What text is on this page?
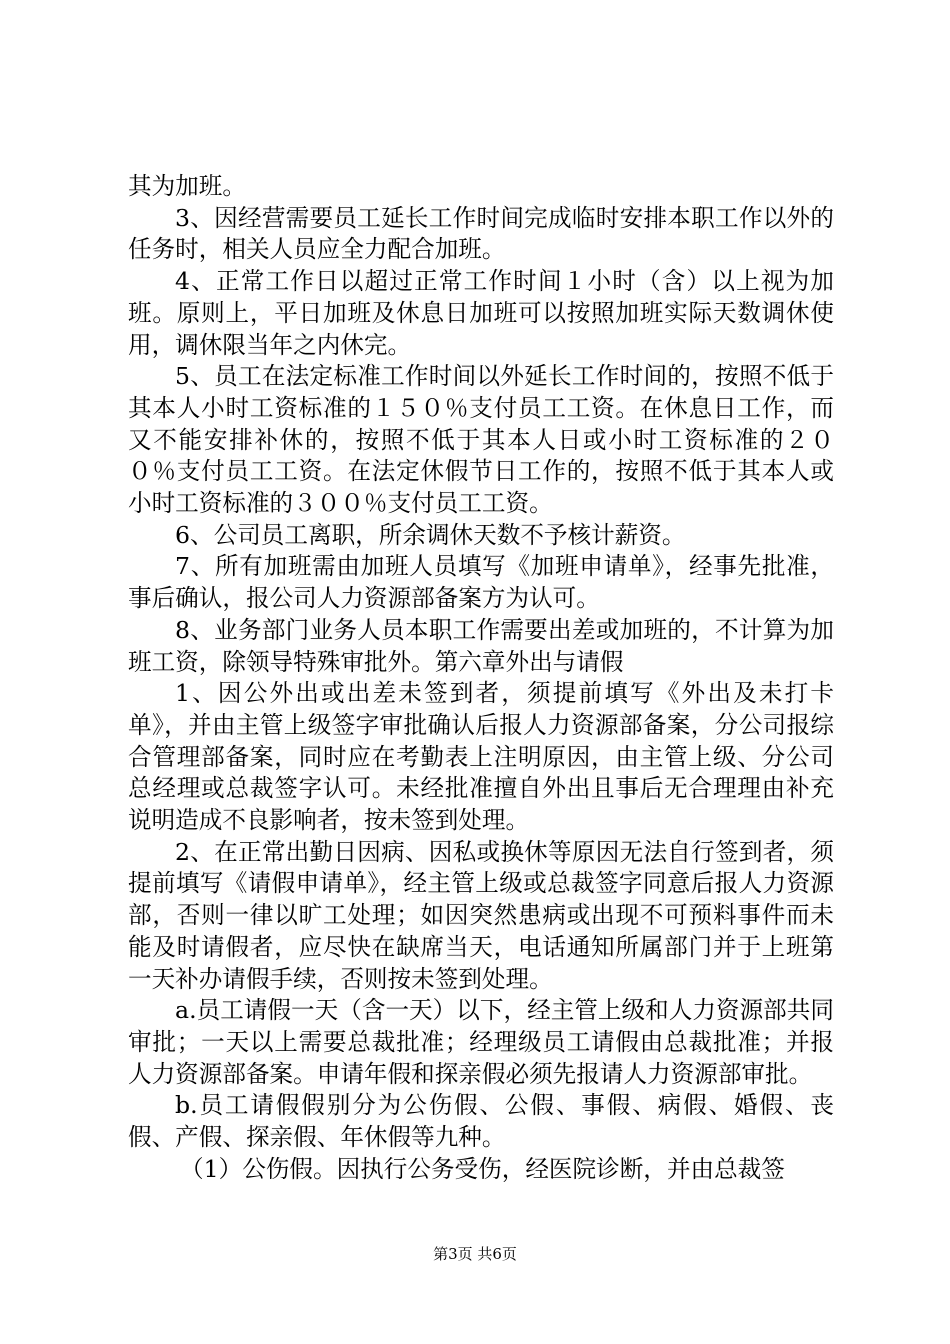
其为加班。

3、因经营需要员工延长工作时间完成临时安排本职工作以外的任务时，相关人员应全力配合加班。

4、正常工作日以超过正常工作时间１小时（含）以上视为加班。原则上，平日加班及休息日加班可以按照加班实际天数调休使用，调休限当年之内休完。

5、员工在法定标准工作时间以外延长工作时间的，按照不低于其本人小时工资标准的１５０％支付员工工资。在休息日工作，而又不能安排补休的，按照不低于其本人日或小时工资标准的２００％支付员工工资。在法定休假节日工作的，按照不低于其本人或小时工资标准的３００％支付员工工资。

6、公司员工离职，所余调休天数不予核计薪资。

7、所有加班需由加班人员填写《加班申请单》，经事先批准，事后确认，报公司人力资源部备案方为认可。

8、业务部门业务人员本职工作需要出差或加班的，不计算为加班工资，除领导特殊审批外。第六章外出与请假

1、因公外出或出差未签到者，须提前填写《外出及未打卡单》，并由主管上级签字审批确认后报人力资源部备案，分公司报综合管理部备案，同时应在考勤表上注明原因，由主管上级、分公司总经理或总裁签字认可。未经批准擅自外出且事后无合理理由补充说明造成不良影响者，按未签到处理。

2、在正常出勤日因病、因私或换休等原因无法自行签到者，须提前填写《请假申请单》，经主管上级或总裁签字同意后报人力资源部，否则一律以旷工处理；如因突然患病或出现不可预料事件而未能及时请假者，应尽快在缺席当天，电话通知所属部门并于上班第一天补办请假手续，否则按未签到处理。

a.员工请假一天（含一天）以下，经主管上级和人力资源部共同审批；一天以上需要总裁批准；经理级员工请假由总裁批准；并报人力资源部备案。申请年假和探亲假必须先报请人力资源部审批。

b.员工请假假别分为公伤假、公假、事假、病假、婚假、丧假、产假、探亲假、年休假等九种。

（1）公伤假。因执行公务受伤，经医院诊断，并由总裁签

第3页 共6页
